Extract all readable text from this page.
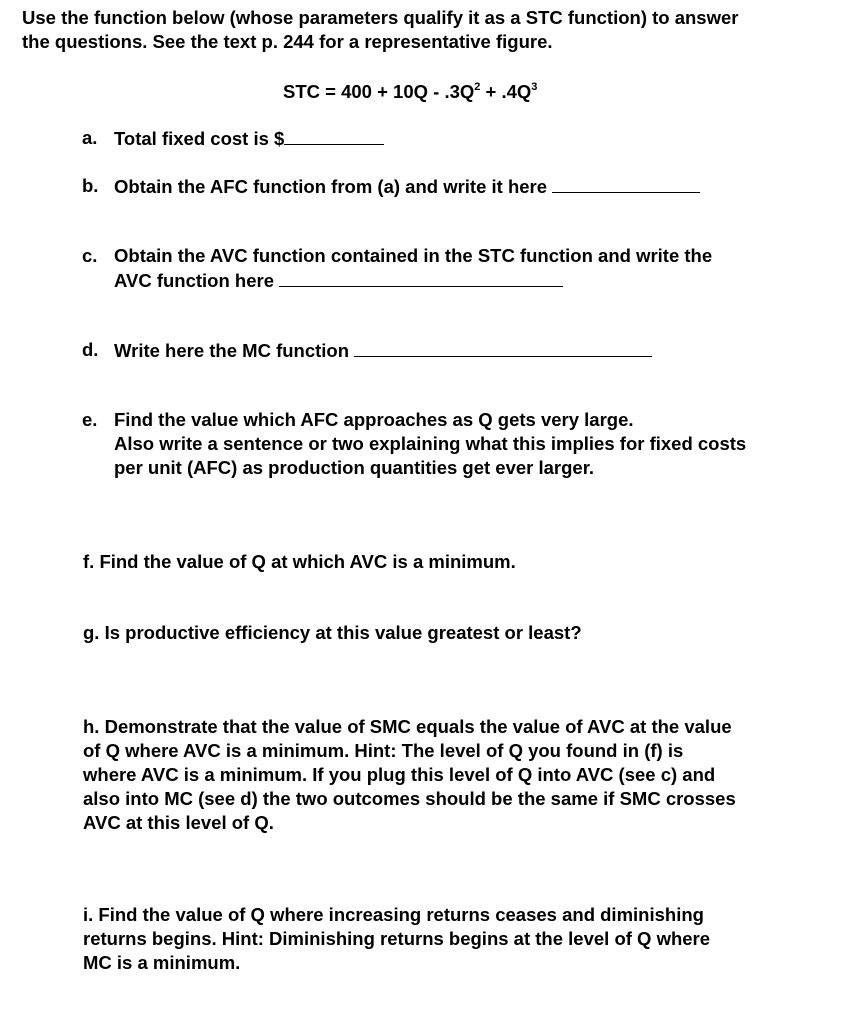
Use the function below (whose parameters qualify it as a STC function) to answer
the questions. See the text p. 244 for a representative figure.
STC = $400 + 10Q - .3Q^2 + .4Q^3$
a. Total fixed cost is $
b. Obtain the AFC function from (a) and write it here
c. Obtain the AVC function contained in the STC function and write the
AVC function here
d. Write here the MC function
e. Find the value which AFC approaches as Q gets very large.
Also write a sentence or two explaining what this implies for fixed costs
per unit (AFC) as production quantities get ever larger.
f. Find the value of Q at which AVC is a minimum.
g. Is productive efficiency at this value greatest or least?
h. Demonstrate that the value of SMC equals the value of AVC at the value
of Q where AVC is a minimum. Hint: The level of Q you found in (f) is
where AVC is a minimum. If you plug this level of Q into AVC (see c) and
also into MC (see d) the two outcomes should be the same if SMC crosses
AVC at this level of Q.
i. Find the value of Q where increasing returns ceases and diminishing
returns begins. Hint: Diminishing returns begins at the level of Q where
MC is a minimum.
